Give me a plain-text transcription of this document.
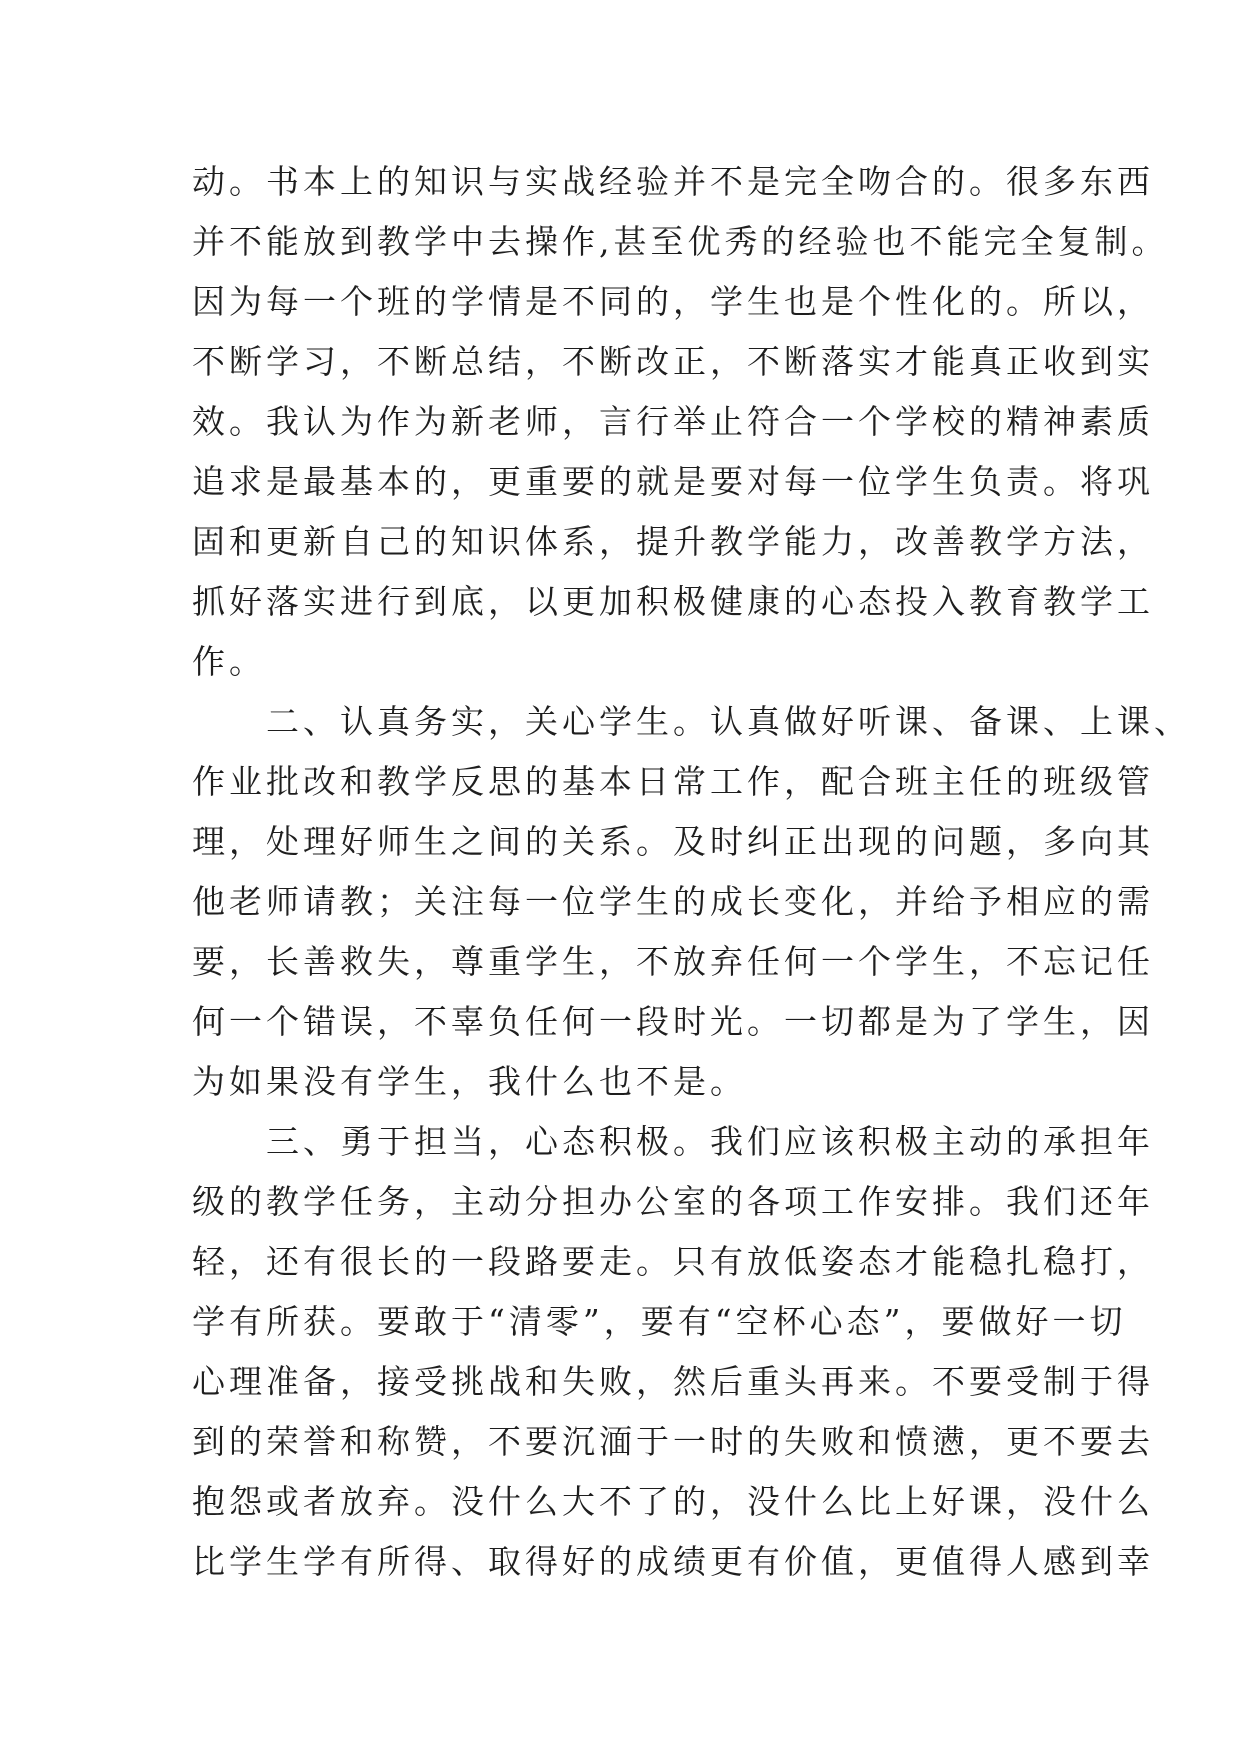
动。书本上的知识与实战经验并不是完全吻合的。很多东西
并不能放到教学中去操作,甚至优秀的经验也不能完全复制。
因为每一个班的学情是不同的，学生也是个性化的。所以，
不断学习，不断总结，不断改正，不断落实才能真正收到实
效。我认为作为新老师，言行举止符合一个学校的精神素质
追求是最基本的，更重要的就是要对每一位学生负责。将巩
固和更新自己的知识体系，提升教学能力，改善教学方法，
抓好落实进行到底，以更加积极健康的心态投入教育教学工
作。
　　二、认真务实，关心学生。认真做好听课、备课、上课、
作业批改和教学反思的基本日常工作，配合班主任的班级管
理，处理好师生之间的关系。及时纠正出现的问题，多向其
他老师请教；关注每一位学生的成长变化，并给予相应的需
要，长善救失，尊重学生，不放弃任何一个学生，不忘记任
何一个错误，不辜负任何一段时光。一切都是为了学生，因
为如果没有学生，我什么也不是。
　　三、勇于担当，心态积极。我们应该积极主动的承担年
级的教学任务，主动分担办公室的各项工作安排。我们还年
轻，还有很长的一段路要走。只有放低姿态才能稳扎稳打，
学有所获。要敢于“清零”，要有“空杯心态”，要做好一切
心理准备，接受挑战和失败，然后重头再来。不要受制于得
到的荣誉和称赞，不要沉湎于一时的失败和愤懑，更不要去
抱怨或者放弃。没什么大不了的，没什么比上好课，没什么
比学生学有所得、取得好的成绩更有价值，更值得人感到幸
